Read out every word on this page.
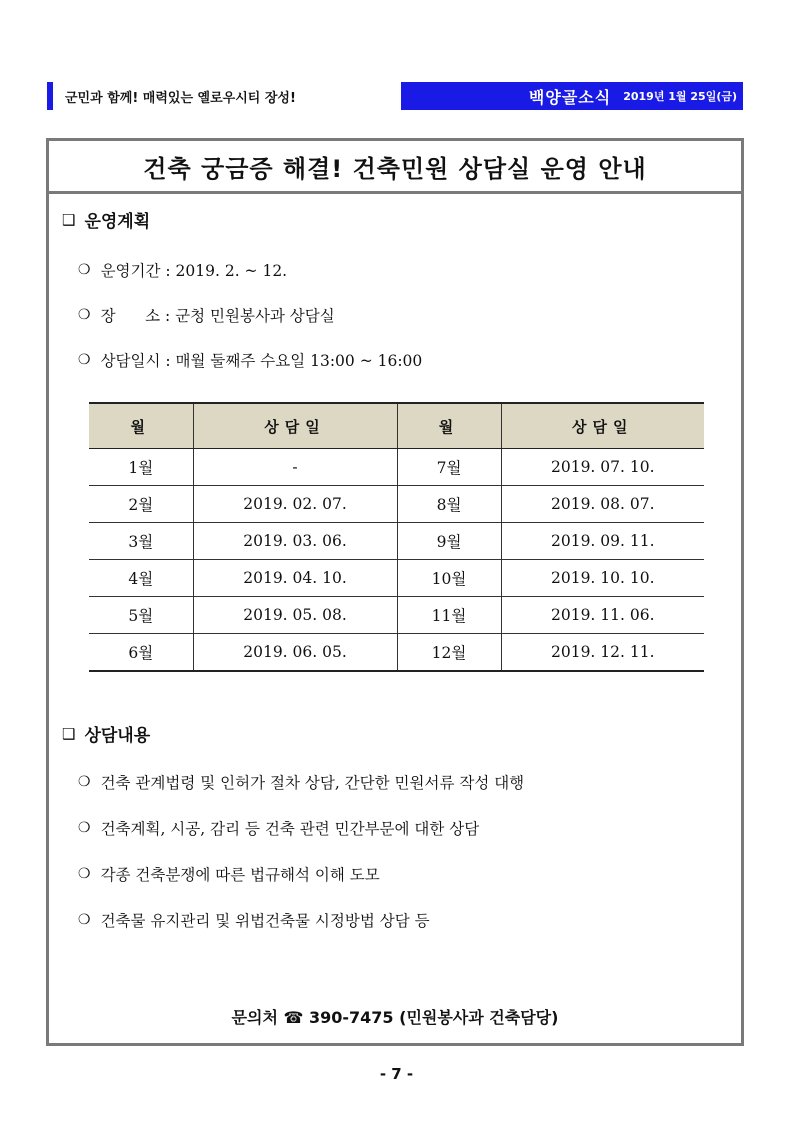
군민과 함께! 매력있는 옐로우시티 장성!	백양골소식 2019년 1월 25일(금)
건축 궁금증 해결! 건축민원 상담실 운영 안내
❑ 운영계획
❍ 운영기간 : 2019. 2. ~ 12.
❍ 장      소 : 군청 민원봉사과 상담실
❍ 상담일시 : 매월 둘째주 수요일 13:00 ~ 16:00
월	상담일	월	상담일
1월	-	7월	2019. 07. 10.
2월	2019. 02. 07.	8월	2019. 08. 07.
3월	2019. 03. 06.	9월	2019. 09. 11.
4월	2019. 04. 10.	10월	2019. 10. 10.
5월	2019. 05. 08.	11월	2019. 11. 06.
6월	2019. 06. 05.	12월	2019. 12. 11.
❑ 상담내용
❍ 건축 관계법령 및 인허가 절차 상담, 간단한 민원서류 작성 대행
❍ 건축계획, 시공, 감리 등 건축 관련 민간부문에 대한 상담
❍ 각종 건축분쟁에 따른 법규해석 이해 도모
❍ 건축물 유지관리 및 위법건축물 시정방법 상담 등
문의처 ☎ 390-7475 (민원봉사과 건축담당)
- 7 -
